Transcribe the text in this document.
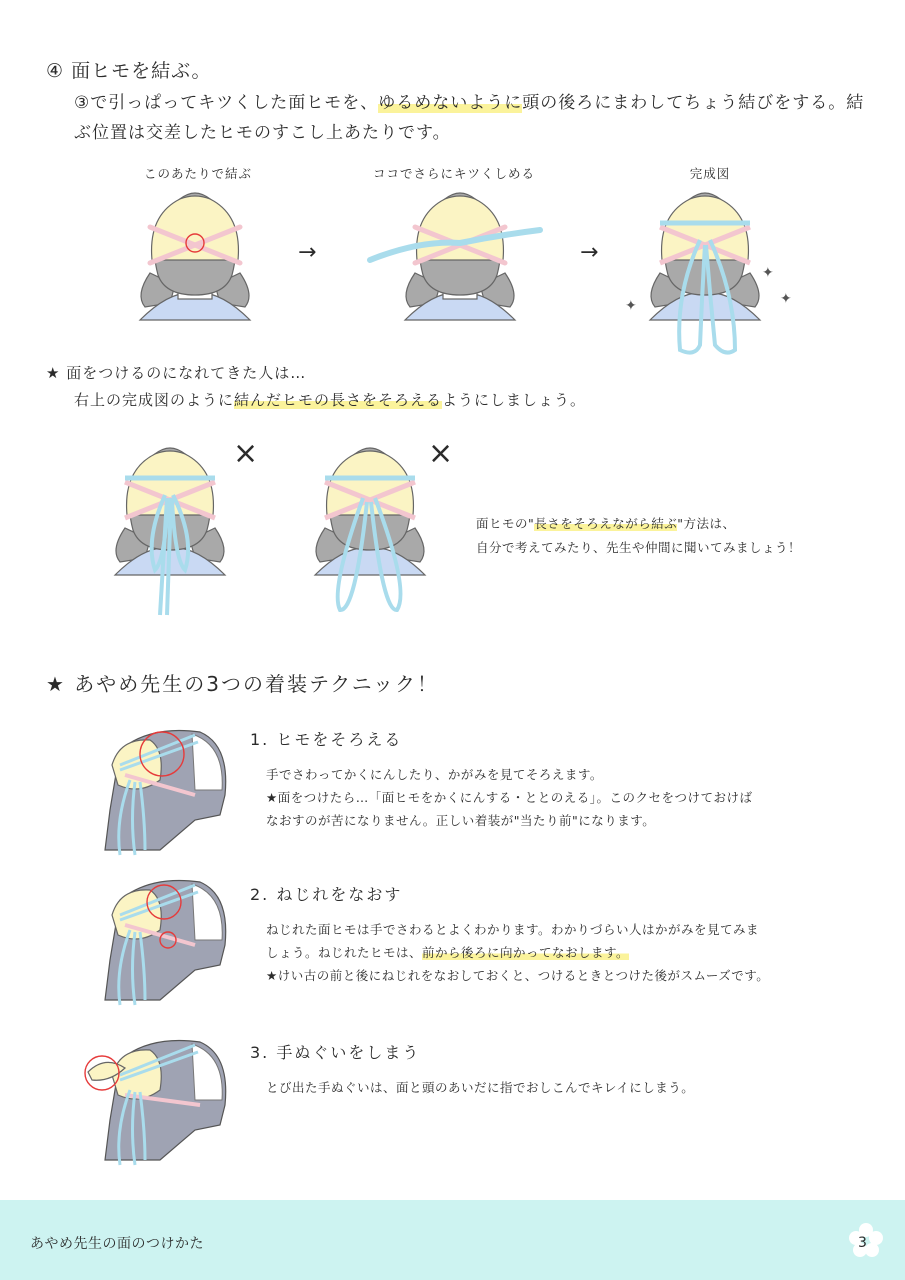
④ 面ヒモを結ぶ。
③で引っぱってキツくした面ヒモを、ゆるめないように頭の後ろにまわしてちょう結びをする。結ぶ位置は交差したヒモのすこし上あたりです。
このあたりで結ぶ	ココでさらにキツくしめる	完成図
→	→
✦
✦
✦
★ 面をつけるのになれてきた人は…
右上の完成図のように結んだヒモの長さをそろえるようにしましょう。
×	×
面ヒモの"長さをそろえながら結ぶ"方法は、
自分で考えてみたり、先生や仲間に聞いてみましょう！
★ あやめ先生の3つの着装テクニック！
1. ヒモをそろえる
手でさわってかくにんしたり、かがみを見てそろえます。
★面をつけたら…「面ヒモをかくにんする・ととのえる」。このクセをつけておけば
なおすのが苦になりません。正しい着装が"当たり前"になります。
2. ねじれをなおす
ねじれた面ヒモは手でさわるとよくわかります。わかりづらい人はかがみを見てみま
しょう。ねじれたヒモは、前から後ろに向かってなおします。
★けい古の前と後にねじれをなおしておくと、つけるときとつけた後がスムーズです。
3. 手ぬぐいをしまう
とび出た手ぬぐいは、面と頭のあいだに指でおしこんでキレイにしまう。
あやめ先生の面のつけかた	3
